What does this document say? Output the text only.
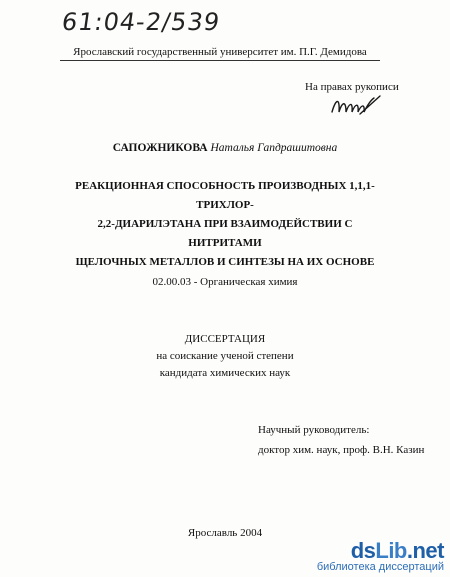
61:04-2/539
Ярославский государственный университет им. П.Г. Демидова
На правах рукописи
САПОЖНИКОВА Наталья Гапдрашитовна
РЕАКЦИОННАЯ СПОСОБНОСТЬ ПРОИЗВОДНЫХ 1,1,1-ТРИХЛОР-
2,2-ДИАРИЛЭТАНА ПРИ ВЗАИМОДЕЙСТВИИ С НИТРИТАМИ
ЩЕЛОЧНЫХ МЕТАЛЛОВ И СИНТЕЗЫ НА ИХ ОСНОВЕ
02.00.03 - Органическая химия
ДИССЕРТАЦИЯ
на соискание ученой степени
кандидата химических наук
Научный руководитель:
доктор хим. наук, проф. В.Н. Казин
Ярославль 2004
dsLib.net
библиотека диссертаций
